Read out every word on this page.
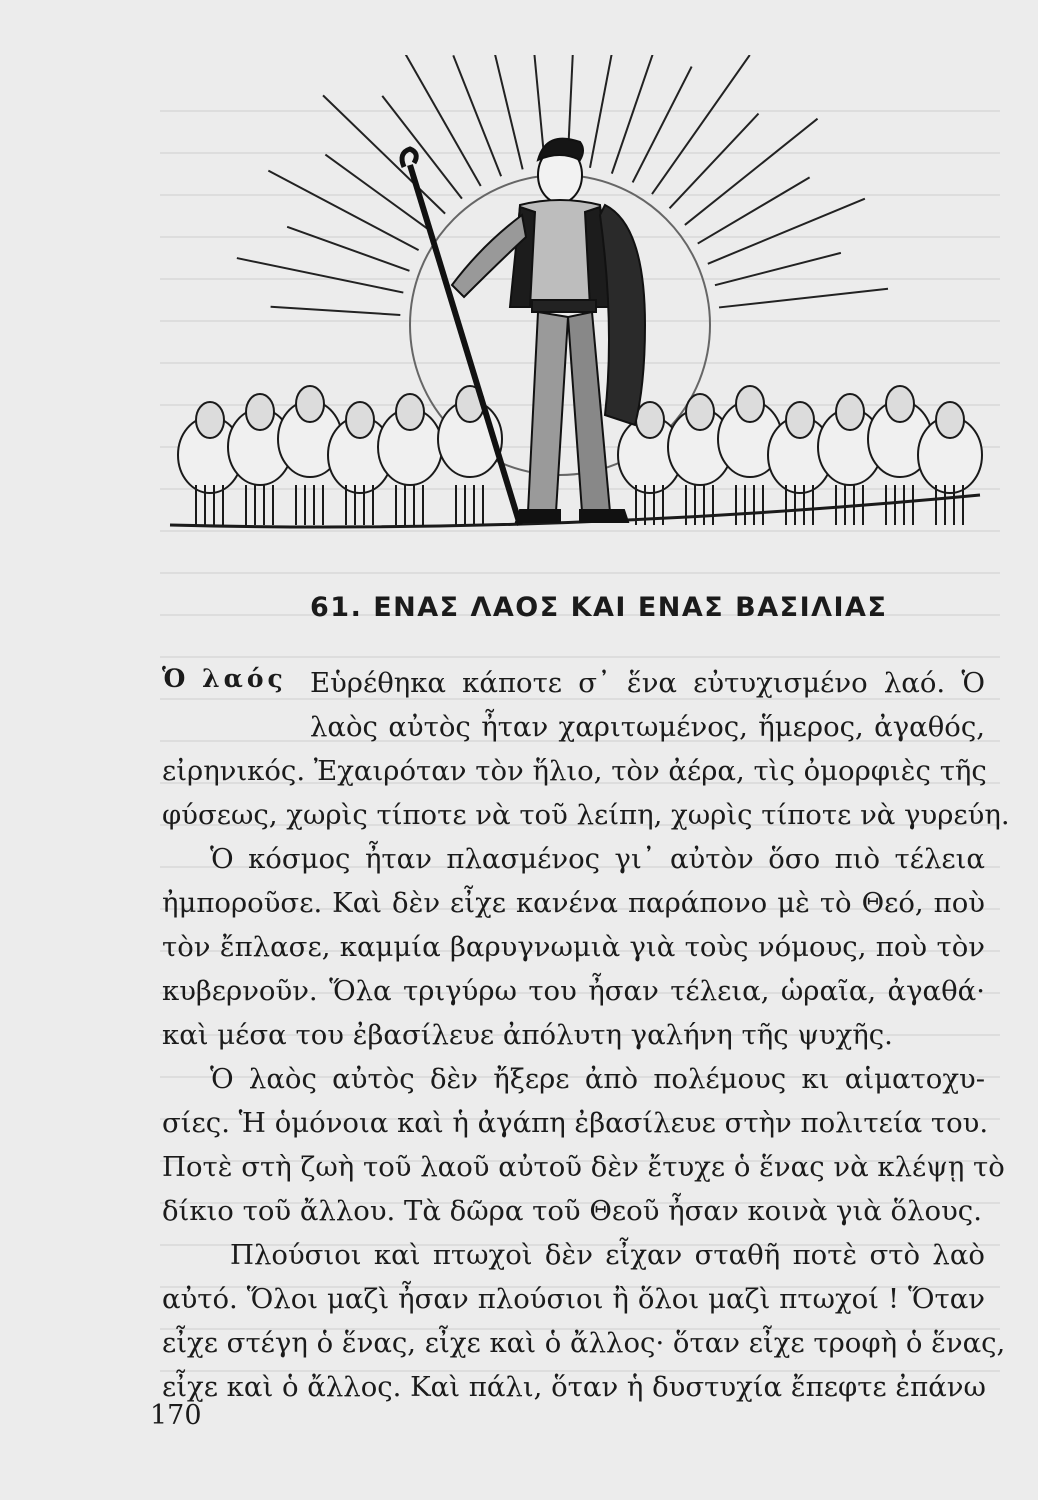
61. ΕΝΑΣ ΛΑΟΣ ΚΑΙ ΕΝΑΣ ΒΑΣΙΛΙΑΣ
Ὁ λαός Εὑρέθηκα κάποτε σ᾽ ἕνα εὐτυχισμένο λαό. Ὁ
λαὸς αὐτὸς ἦταν χαριτωμένος, ἥμερος, ἀγαθός,
εἰρηνικός. Ἐχαιρόταν τὸν ἥλιο, τὸν ἀέρα, τὶς ὀμορφιὲς τῆς
φύσεως, χωρὶς τίποτε νὰ τοῦ λείπη, χωρὶς τίποτε νὰ γυρεύη.
Ὁ κόσμος ἦταν πλασμένος γι᾽ αὐτὸν ὅσο πιὸ τέλεια
ἠμποροῦσε. Καὶ δὲν εἶχε κανένα παράπονο μὲ τὸ Θεό, ποὺ
τὸν ἔπλασε, καμμία βαρυγνωμιὰ γιὰ τοὺς νόμους, ποὺ τὸν
κυβερνοῦν. Ὅλα τριγύρω του ἦσαν τέλεια, ὡραῖα, ἀγαθά·
καὶ μέσα του ἐβασίλευε ἀπόλυτη γαλήνη τῆς ψυχῆς.
Ὁ λαὸς αὐτὸς δὲν ἤξερε ἀπὸ πολέμους κι αἱματοχυ-
σίες. Ἡ ὁμόνοια καὶ ἡ ἀγάπη ἐβασίλευε στὴν πολιτεία του.
Ποτὲ στὴ ζωὴ τοῦ λαοῦ αὐτοῦ δὲν ἔτυχε ὁ ἕνας νὰ κλέψῃ τὸ
δίκιο τοῦ ἄλλου. Τὰ δῶρα τοῦ Θεοῦ ἦσαν κοινὰ γιὰ ὅλους.
Πλούσιοι καὶ πτωχοὶ δὲν εἶχαν σταθῆ ποτὲ στὸ λαὸ
αὐτό. Ὅλοι μαζὶ ἦσαν πλούσιοι ἢ ὅλοι μαζὶ πτωχοί ! Ὅταν
εἶχε στέγη ὁ ἕνας, εἶχε καὶ ὁ ἄλλος· ὅταν εἶχε τροφὴ ὁ ἕνας,
εἶχε καὶ ὁ ἄλλος. Καὶ πάλι, ὅταν ἡ δυστυχία ἔπεφτε ἐπάνω
170
